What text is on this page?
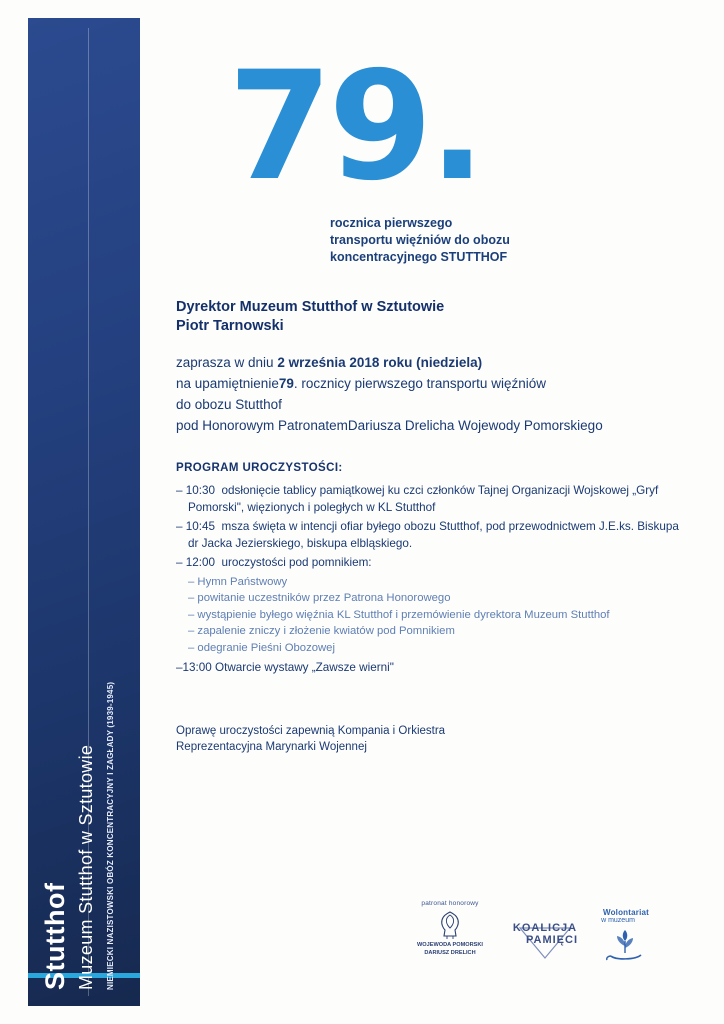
Stutthof Muzeum Stutthof w Sztutowie NIEMIECKI NAZISTOWSKI OBÓZ KONCENTRACYJNY I ZAGŁADY (1939-1945)
79.
rocznica pierwszego
transportu więźniów do obozu
koncentracyjnego STUTTHOF
Dyrektor Muzeum Stutthof w Sztutowie
Piotr Tarnowski
zaprasza w dniu 2 września 2018 roku (niedziela)
na upamiętnienie79. rocznicy pierwszego transportu więźniów
do obozu Stutthof
pod Honorowym PatronatemDariusza Drelicha Wojewody Pomorskiego
PROGRAM UROCZYSTOŚCI:
– 10:30 odsłonięcie tablicy pamiątkowej ku czci członków Tajnej Organizacji Wojskowej „Gryf Pomorski", więzionych i poległych w KL Stutthof
– 10:45 msza święta w intencji ofiar byłego obozu Stutthof, pod przewodnictwem J.E.ks. Biskupa dr Jacka Jezierskiego, biskupa elbląskiego.
– 12:00 uroczystości pod pomnikiem:
– Hymn Państwowy
– powitanie uczestników przez Patrona Honorowego
– wystąpienie byłego więźnia KL Stutthof i przemówienie dyrektora Muzeum Stutthof
– zapalenie zniczy i złożenie kwiatów pod Pomnikiem
– odegranie Pieśni Obozowej
–13:00 Otwarcie wystawy „Zawsze wierni"
Oprawę uroczystości zapewnią Kompania i Orkiestra
Reprezentacyjna Marynarki Wojennej
patronat honorowy
WOJEWODA POMORSKI
DARIUSZ DRELICH
KOALICJA
PAMIĘCI
Wolontariat
w muzeum
